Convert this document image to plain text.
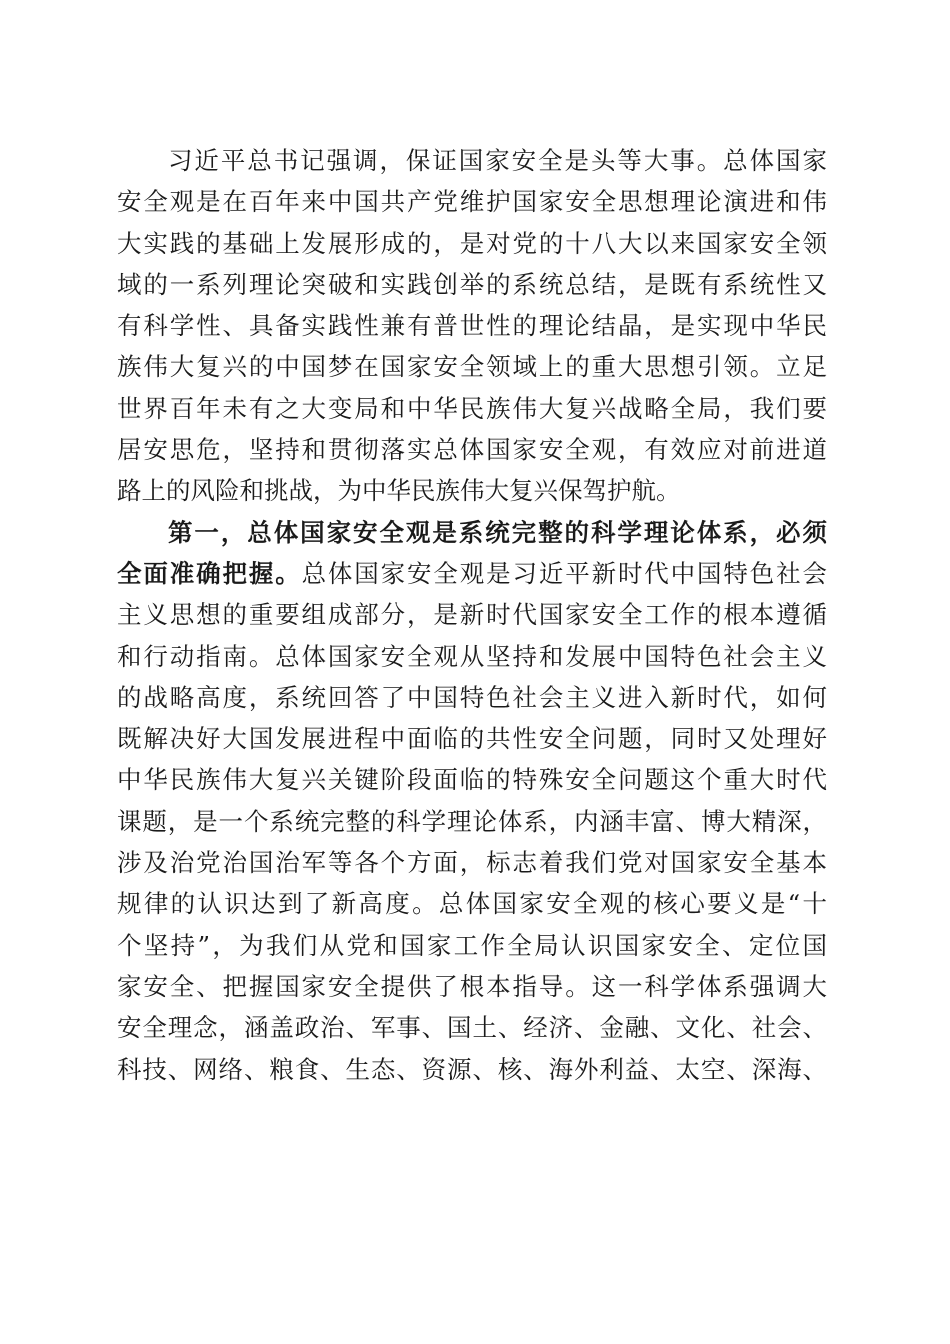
习近平总书记强调，保证国家安全是头等大事。总体国家
安全观是在百年来中国共产党维护国家安全思想理论演进和伟
大实践的基础上发展形成的，是对党的十八大以来国家安全领
域的一系列理论突破和实践创举的系统总结，是既有系统性又
有科学性、具备实践性兼有普世性的理论结晶，是实现中华民
族伟大复兴的中国梦在国家安全领域上的重大思想引领。立足
世界百年未有之大变局和中华民族伟大复兴战略全局，我们要
居安思危，坚持和贯彻落实总体国家安全观，有效应对前进道
路上的风险和挑战，为中华民族伟大复兴保驾护航。
第一，总体国家安全观是系统完整的科学理论体系，必须
全面准确把握。总体国家安全观是习近平新时代中国特色社会
主义思想的重要组成部分，是新时代国家安全工作的根本遵循
和行动指南。总体国家安全观从坚持和发展中国特色社会主义
的战略高度，系统回答了中国特色社会主义进入新时代，如何
既解决好大国发展进程中面临的共性安全问题，同时又处理好
中华民族伟大复兴关键阶段面临的特殊安全问题这个重大时代
课题，是一个系统完整的科学理论体系，内涵丰富、博大精深，
涉及治党治国治军等各个方面，标志着我们党对国家安全基本
规律的认识达到了新高度。总体国家安全观的核心要义是“十
个坚持”，为我们从党和国家工作全局认识国家安全、定位国
家安全、把握国家安全提供了根本指导。这一科学体系强调大
安全理念，涵盖政治、军事、国土、经济、金融、文化、社会、
科技、网络、粮食、生态、资源、核、海外利益、太空、深海、
